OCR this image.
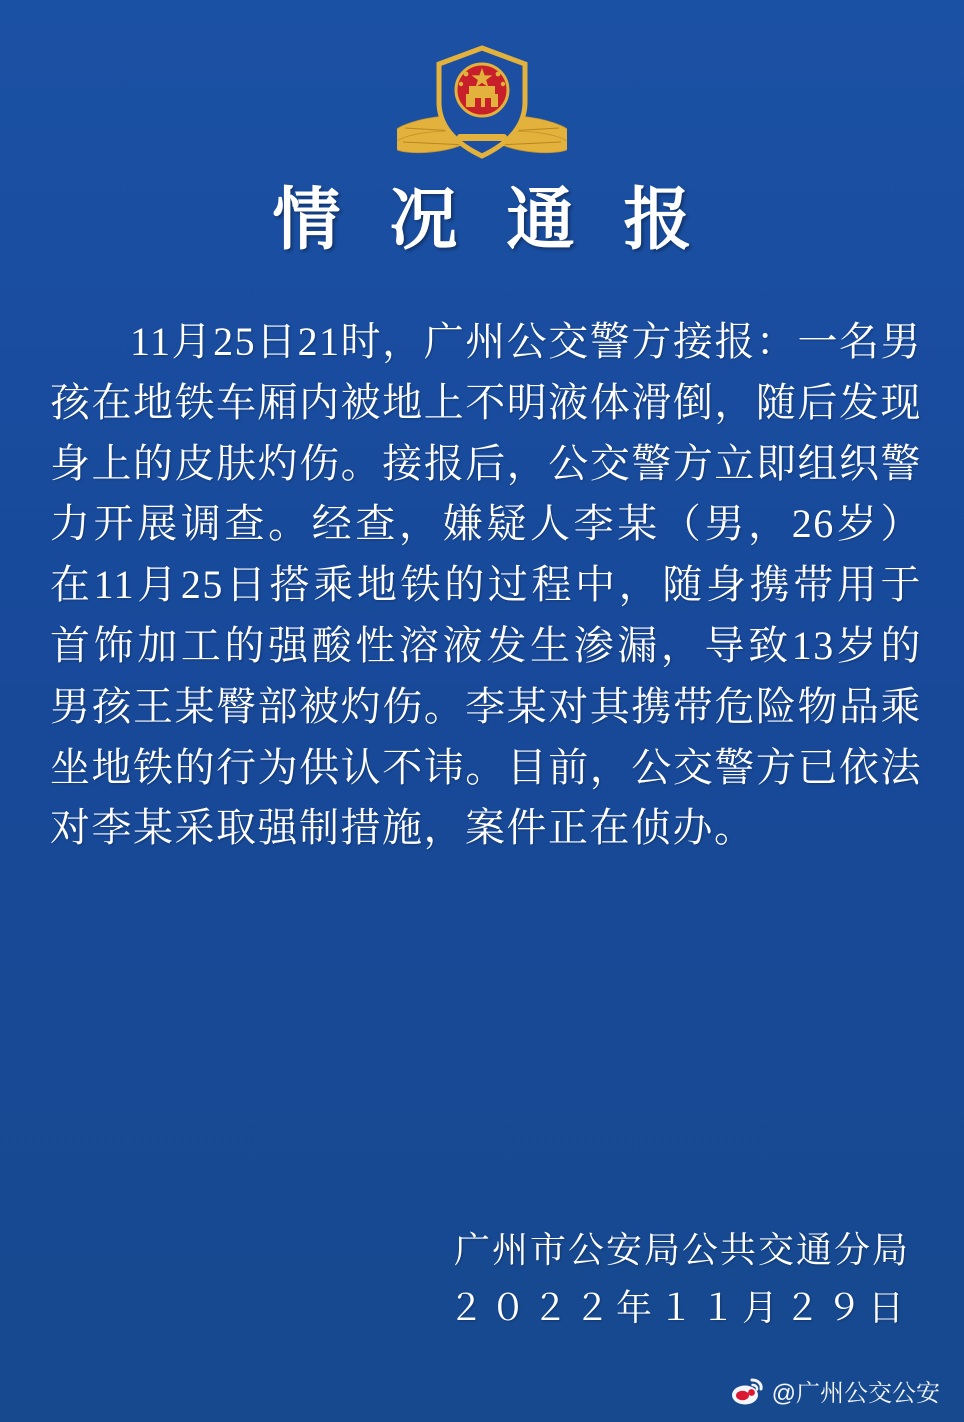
情 况 通 报
11月25日21时，广州公交警方接报：一名男孩在地铁车厢内被地上不明液体滑倒，随后发现身上的皮肤灼伤。接报后，公交警方立即组织警力开展调查。经查，嫌疑人李某（男，26岁）在11月25日搭乘地铁的过程中，随身携带用于首饰加工的强酸性溶液发生渗漏，导致13岁的男孩王某臀部被灼伤。李某对其携带危险物品乘坐地铁的行为供认不讳。目前，公交警方已依法对李某采取强制措施，案件正在侦办。
广州市公安局公共交通分局
２０２２年１１月２９日
@广州公交公安
